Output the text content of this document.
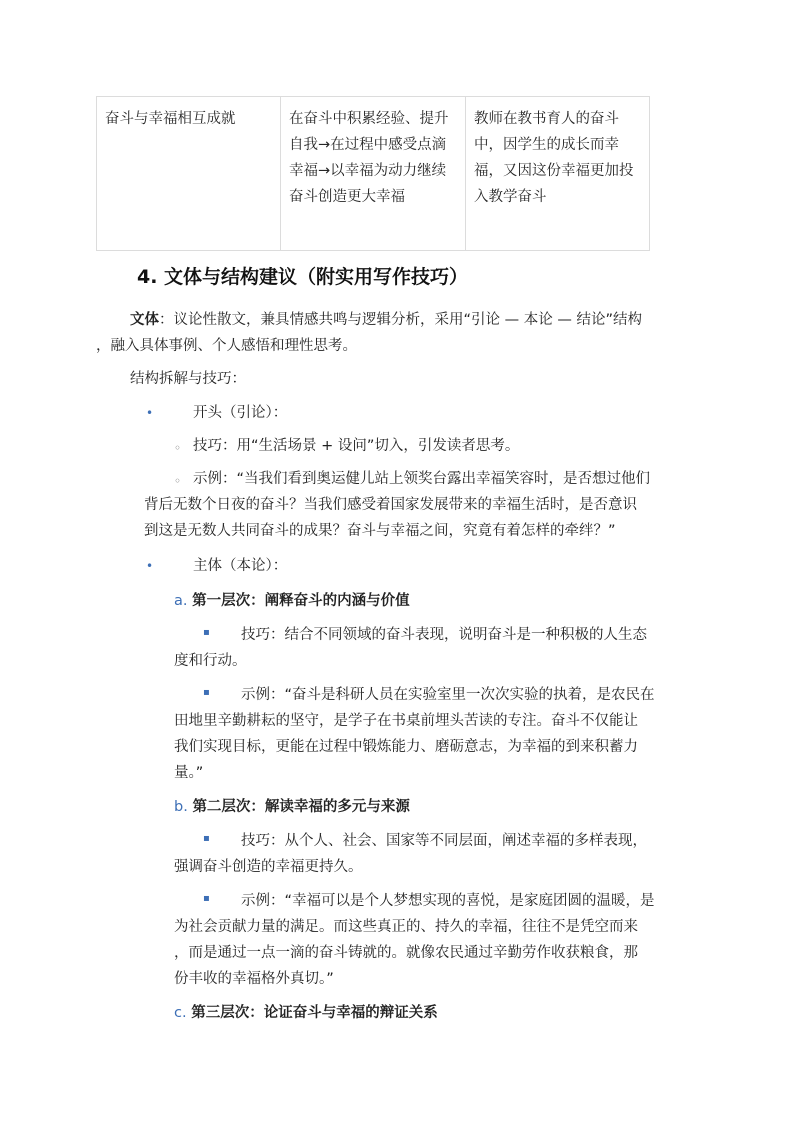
奋斗与幸福相互成就	在奋斗中积累经验、提升自我→在过程中感受点滴幸福→以幸福为动力继续奋斗创造更大幸福	教师在教书育人的奋斗中，因学生的成长而幸福，又因这份幸福更加投入教学奋斗
4. 文体与结构建议（附实用写作技巧）
文体：议论性散文，兼具情感共鸣与逻辑分析，采用“引论 — 本论 — 结论”结构
，融入具体事例、个人感悟和理性思考。
结构拆解与技巧：
•	开头（引论）：
◦ 技巧：用“生活场景 + 设问”切入，引发读者思考。
◦ 示例：“当我们看到奥运健儿站上领奖台露出幸福笑容时，是否想过他们
背后无数个日夜的奋斗？当我们感受着国家发展带来的幸福生活时，是否意识
到这是无数人共同奋斗的成果？奋斗与幸福之间，究竟有着怎样的牵绊？”
•	主体（本论）：
a. 第一层次：阐释奋斗的内涵与价值
▪ 技巧：结合不同领域的奋斗表现，说明奋斗是一种积极的人生态
度和行动。
▪ 示例：“奋斗是科研人员在实验室里一次次实验的执着，是农民在
田地里辛勤耕耘的坚守，是学子在书桌前埋头苦读的专注。奋斗不仅能让
我们实现目标，更能在过程中锻炼能力、磨砺意志，为幸福的到来积蓄力
量。”
b. 第二层次：解读幸福的多元与来源
▪ 技巧：从个人、社会、国家等不同层面，阐述幸福的多样表现，
强调奋斗创造的幸福更持久。
▪ 示例：“幸福可以是个人梦想实现的喜悦，是家庭团圆的温暖，是
为社会贡献力量的满足。而这些真正的、持久的幸福，往往不是凭空而来
，而是通过一点一滴的奋斗铸就的。就像农民通过辛勤劳作收获粮食，那
份丰收的幸福格外真切。”
c. 第三层次：论证奋斗与幸福的辩证关系
